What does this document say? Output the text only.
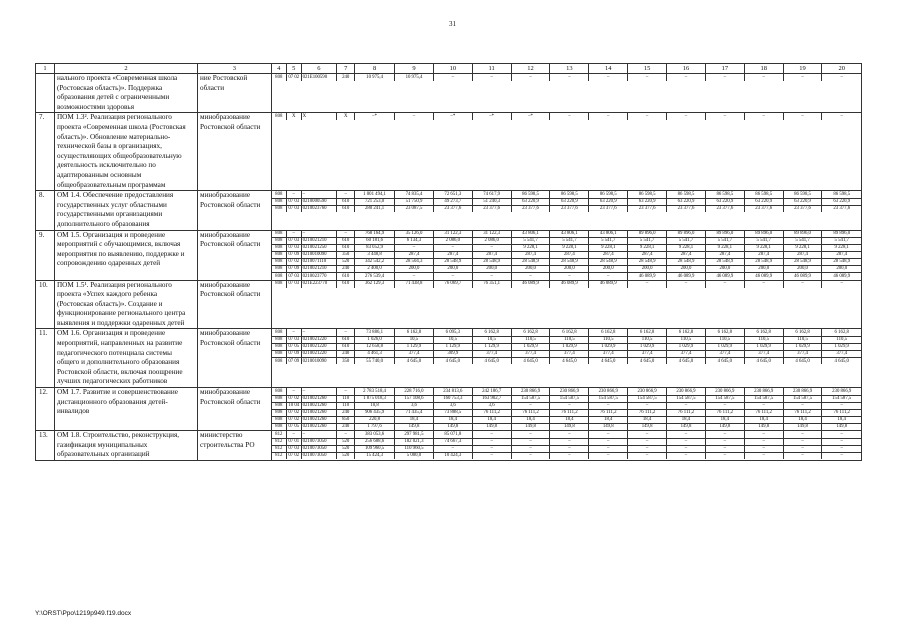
31
1	2	3		4	5	6	7	8	9	10	11	12	13	14	15	16	17	18	19	20

	нального проекта «Современная школа (Ростовская область)». Поддержка образования детей с ограниченными возможностями здоровья	ние Ростовской области	
808	07 02	021E100590	240	10 975,4	10 975,4	–	–	–	–	–	–	–	–	–	–	–

7.	ПОМ 1.3². Реализация регионального проекта «Современная школа (Ростовская область)». Обновление материально-технической базы в организациях, осуществляющих общеобразовательную деятельность исключительно по адаптированным основным общеобразовательным программам	минобразование Ростовской области	
808	X	X	X	–*	–	–*	–*	–*	–	–	–	–	–	–	–	–

8.	ОМ 1.4. Обеспечение предоставления государственных услуг областными государственными организациями дополнительного образования	минобразование Ростовской области	
808	–	–	–	1 001 494,1	74 835,4	72 651,3	74 617,9	86 598,5	86 598,5	86 598,5	86 598,5	86 598,5	86 598,5	86 598,5	86 598,5	86 598,5
808	07 03	0210000590	610	721 253,0	51 750,9	49 273,7	51 240,3	63 220,9	63 220,9	63 220,9	63 220,9	63 220,9	63 220,9	63 220,9	63 220,9	63 220,9
808	07 03	0210023760	610	280 241,1	23 087,5	23 377,6	23 377,6	23 377,6	23 377,6	23 377,6	23 377,6	23 377,6	23 377,6	23 377,6	23 377,6	23 377,6

9.	ОМ 1.5. Организация и проведение мероприятий с обучающимися, включая мероприятия по выявлению, поддержке и сопровождению одаренных детей	минобразование Ростовской области	
808	–	–	–	768 164,9	35 126,0	31 122,3	31 122,3	43 806,1	43 806,1	43 806,1	89 896,0	89 896,0	89 896,0	89 896,0	89 896,0	89 896,0
808	07 03	0210021210	610	60 181,6	6 134,3	2 086,0	2 086,0	5 541,7	5 541,7	5 541,7	5 541,7	5 541,7	5 541,7	5 541,7	5 541,7	5 541,7
808	07 03	0210021250	610	83 052,9	–	–	–	9 228,1	9 228,1	9 228,1	9 228,1	9 228,1	9 228,1	9 228,1	9 228,1	9 228,1
808	07 09	0210010090	350	3 448,8	287,4	287,4	287,4	287,4	287,4	287,4	287,4	287,4	287,4	287,4	287,4	287,4
808	07 02	0210071110	520	342 542,2	28 504,3	28 548,9	28 548,9	28 548,9	28 548,9	28 548,9	28 548,9	28 548,9	28 548,9	28 548,9	28 548,9	28 548,9
808	07 09	0210021210	240	2 400,0	200,0	200,0	200,0	200,0	200,0	200,0	200,0	200,0	200,0	200,0	200,0	200,0
808	07 03	0210023770	610	276 539,4	–	–	–	–	–	–	46 089,9	46 089,9	46 089,9	46 089,9	46 089,9	46 089,9

10.	ПОМ 1.5¹. Реализация регионального проекта «Успех каждого ребенка (Ростовская область)». Создание и функционирование регионального центра выявления и поддержки одаренных детей	минобразование Ростовской области	
808	07 03	021E223770	610	362 129,3	71 438,8	76 069,7	76 351,1	46 089,9	46 089,9	46 089,9	–	–	–	–	–	–

11.	ОМ 1.6. Организация и проведение мероприятий, направленных на развитие педагогического потенциала системы общего и дополнительного образования Ростовской области, включая поощрение лучших педагогических работников	минобразование Ростовской области	
808	–	–	–	73 886,1	6 162,8	6 095,3	6 162,8	6 162,8	6 162,8	6 162,8	6 162,8	6 162,8	6 162,8	6 162,8	6 162,8	6 162,8
808	07 03	0210021220	610	1 026,0	10,5	10,5	10,5	110,5	110,5	110,5	110,5	110,5	110,5	110,5	110,5	110,5
808	07 05	0210021220	610	12 658,8	1 129,9	1 129,9	1 129,9	1 029,9	1 029,9	1 029,9	1 029,9	1 029,9	1 029,9	1 029,9	1 029,9	1 029,9
808	07 09	0210021220	240	4 461,3	377,4	309,9	377,4	377,4	377,4	377,4	377,4	377,4	377,4	377,4	377,4	377,4
808	07 09	0210010090	350	55 740,0	4 645,0	4 645,0	4 645,0	4 645,0	4 645,0	4 645,0	4 645,0	4 645,0	4 645,0	4 645,0	4 645,0	4 645,0

12.	ОМ 1.7. Развитие и совершенствование дистанционного образования детей-инвалидов	минобразование Ростовской области	
808	–	–	–	2 783 518,4	228 716,0	234 813,6	242 186,7	230 866,9	230 866,9	230 866,9	230 866,9	230 866,9	230 866,9	230 866,9	230 866,9	230 866,9
808	07 02	0210021260	110	1 875 018,3	157 108,6	160 753,3	163 902,7	154 587,5	154 587,5	154 587,5	154 587,5	154 587,5	154 587,5	154 587,5	154 587,5	154 587,5
808	10 04	0210021260	110	10,8	3,6	3,6	3,6	–	–	–	–	–	–	–	–	–
808	07 02	0210021260	240	906 435,9	71 435,4	73 888,5	76 111,2	76 111,2	76 111,2	76 111,2	76 111,2	76 111,2	76 111,2	76 111,2	76 111,2	76 111,2
808	07 02	0210021260	850	220,8	18,4	18,4	18,4	18,4	18,4	18,4	18,4	18,4	18,4	18,4	18,4	18,4
808	07 05	0210021260	240	1 797,6	149,8	149,8	149,8	149,8	149,8	149,8	149,8	149,8	149,8	149,8	149,8	149,8

13.	ОМ 1.8. Строительство, реконструкция, газификация муниципальных образовательных организаций	министерство строительства РО	
812	–	–	–	383 053,6	297 981,5	85 071,8	–	–	–	–	–	–	–	–	–	–
812	07 01	0210073050	520	256 688,6	182 021,3	74 667,3	–	–	–	–	–	–	–	–	–	–
812	07 03	0210073050	520	109 960,5	110 960,5	–	–	–	–	–	–	–	–	–	–	–
812	07 02	0210073050	520	15 424,3	5 000,0	10 424,3	–	–	–	–	–	–	–	–	–	–
Y:\ORST\Ppo\1219p949.f19.docx
